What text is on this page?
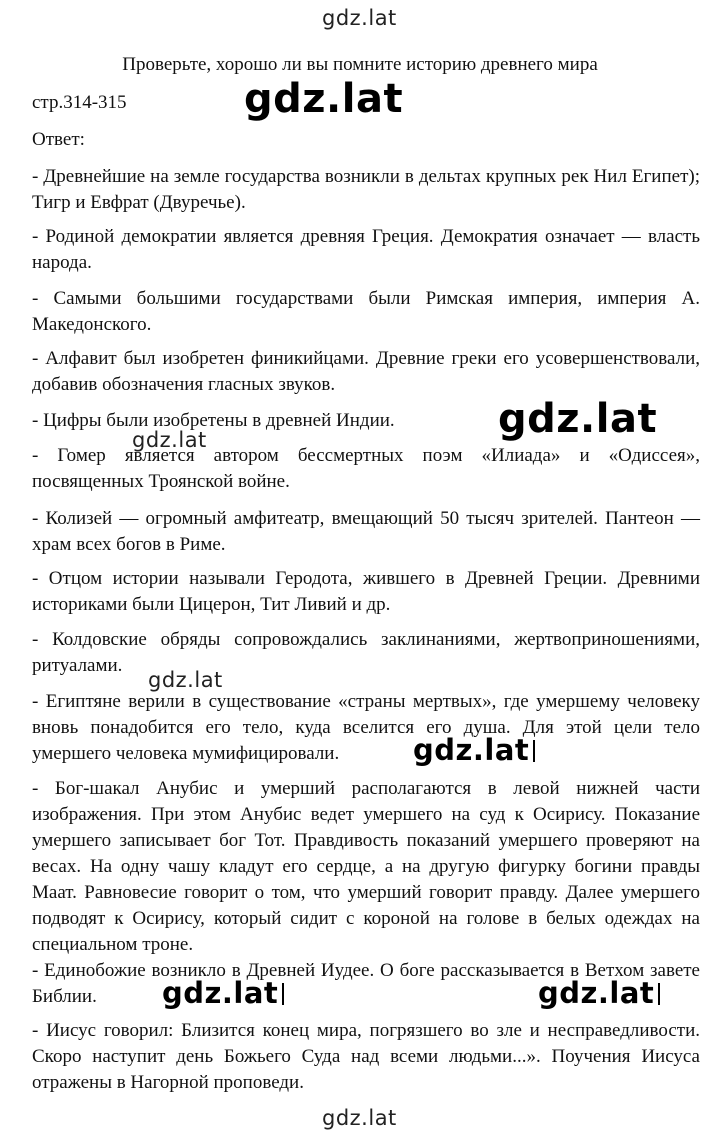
gdz.lat
Проверьте, хорошо ли вы помните историю древнего мира
стр.314-315	gdz.lat
Ответ:
- Древнейшие на земле государства возникли в дельтах крупных рек Нил Египет); Тигр и Евфрат (Двуречье).
- Родиной демократии является древняя Греция. Демократия означает — власть народа.
- Самыми большими государствами были Римская империя, империя А. Македонского.
- Алфавит был изобретен финикийцами. Древние греки его усовершенствовали, добавив обозначения гласных звуков.
- Цифры были изобретены в древней Индии.	gdz.lat
gdz.lat
- Гомер является автором бессмертных поэм «Илиада» и «Одиссея», посвященных Троянской войне.
- Колизей — огромный амфитеатр, вмещающий 50 тысяч зрителей. Пантеон — храм всех богов в Риме.
- Отцом истории называли Геродота, жившего в Древней Греции. Древними историками были Цицерон, Тит Ливий и др.
- Колдовские обряды сопровождались заклинаниями, жертвоприношениями, ритуалами.
gdz.lat
- Египтяне верили в существование «страны мертвых», где умершему человеку вновь понадобится его тело, куда вселится его душа. Для этой цели тело умершего человека мумифицировали.	gdz.lat
- Бог-шакал Анубис и умерший располагаются в левой нижней части изображения. При этом Анубис ведет умершего на суд к Осирису. Показание умершего записывает бог Тот. Правдивость показаний умершего проверяют на весах. На одну чашу кладут его сердце, а на другую фигурку богини правды Маат. Равновесие говорит о том, что умерший говорит правду. Далее умершего подводят к Осирису, который сидит с короной на голове в белых одеждах на специальном троне.
- Единобожие возникло в Древней Иудее. О боге рассказывается в Ветхом завете Библии.	gdz.lat	gdz.lat
- Иисус говорил: Близится конец мира, погрязшего во зле и несправедливости. Скоро наступит день Божьего Суда над всеми людьми...». Поучения Иисуса отражены в Нагорной проповеди.
gdz.lat
